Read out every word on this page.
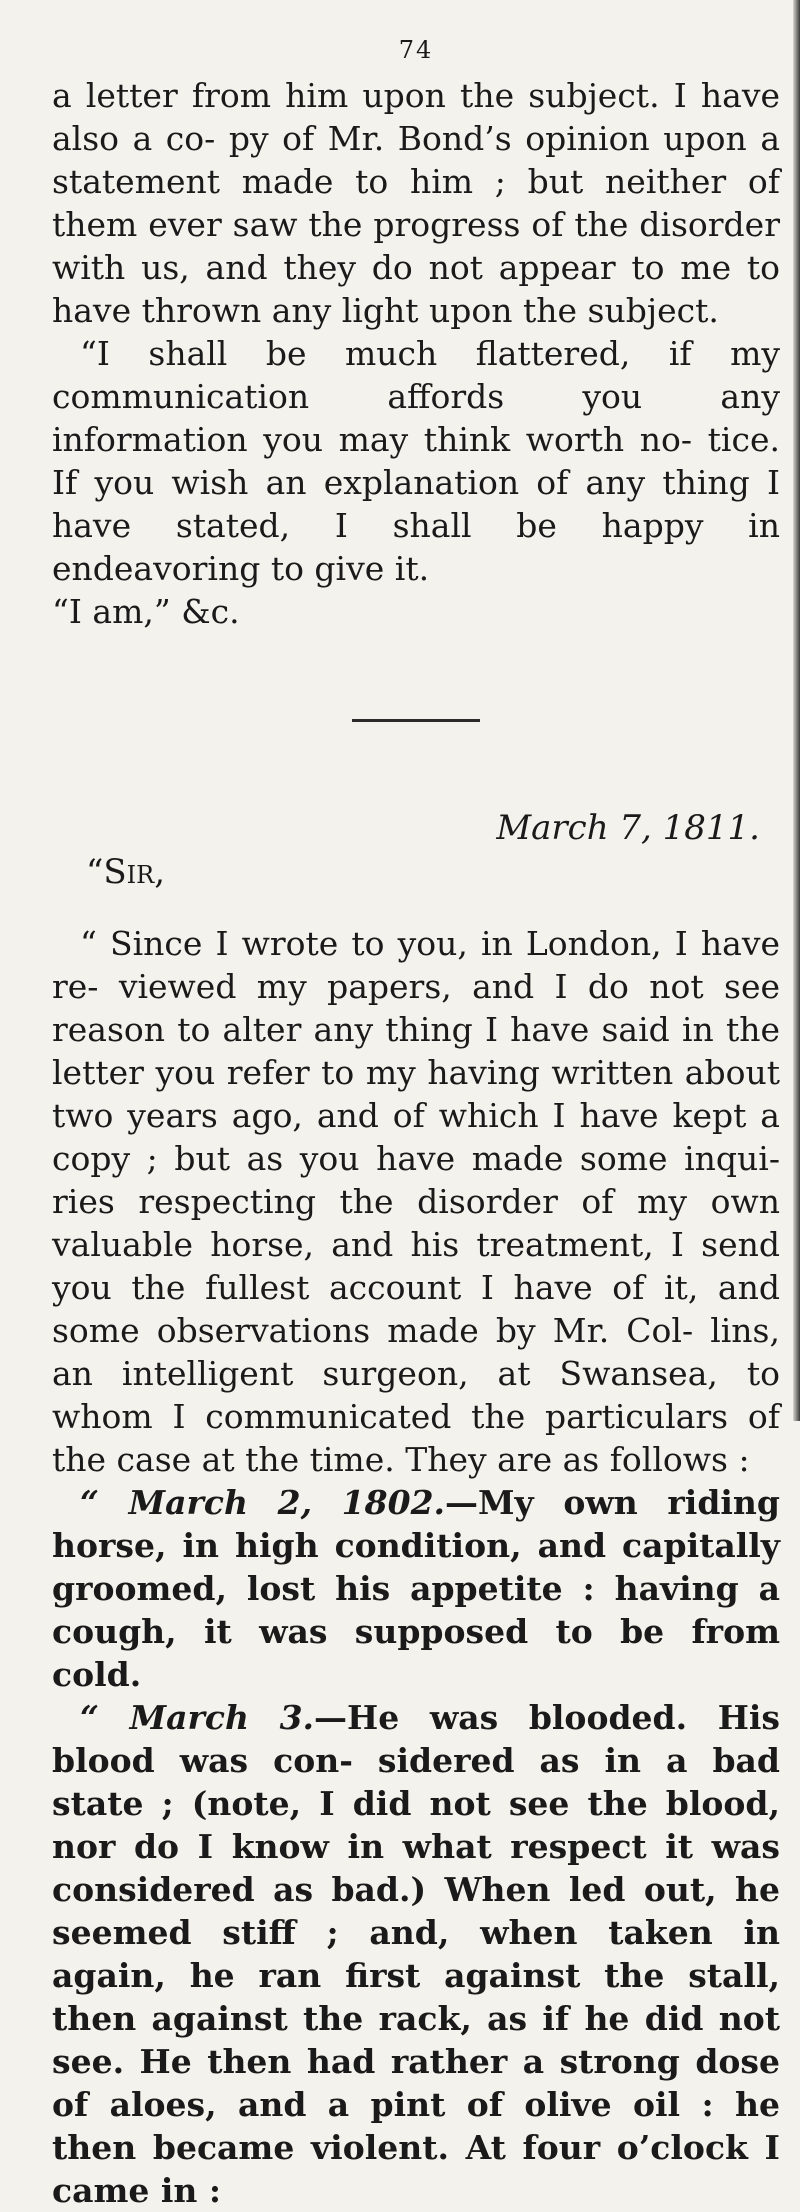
74

a letter from him upon the subject. I have also a co- py of Mr. Bond’s opinion upon a statement made to him ; but neither of them ever saw the progress of the disorder with us, and they do not appear to me to have thrown any light upon the subject.

“I shall be much flattered, if my communication affords you any information you may think worth no- tice. If you wish an explanation of any thing I have stated, I shall be happy in endeavoring to give it.

“I am,” &c.

March 7, 1811.
“Sir,

“ Since I wrote to you, in London, I have re- viewed my papers, and I do not see reason to alter any thing I have said in the letter you refer to my having written about two years ago, and of which I have kept a copy ; but as you have made some inqui- ries respecting the disorder of my own valuable horse, and his treatment, I send you the fullest account I have of it, and some observations made by Mr. Col- lins, an intelligent surgeon, at Swansea, to whom I communicated the particulars of the case at the time. They are as follows :

“ March 2, 1802.—My own riding horse, in high condition, and capitally groomed, lost his appetite : having a cough, it was supposed to be from cold.

“ March 3.—He was blooded. His blood was con- sidered as in a bad state ; (note, I did not see the blood, nor do I know in what respect it was considered as bad.) When led out, he seemed stiff ; and, when taken in again, he ran first against the stall, then against the rack, as if he did not see. He then had rather a strong dose of aloes, and a pint of olive oil : he then became violent. At four o’clock I came in :
